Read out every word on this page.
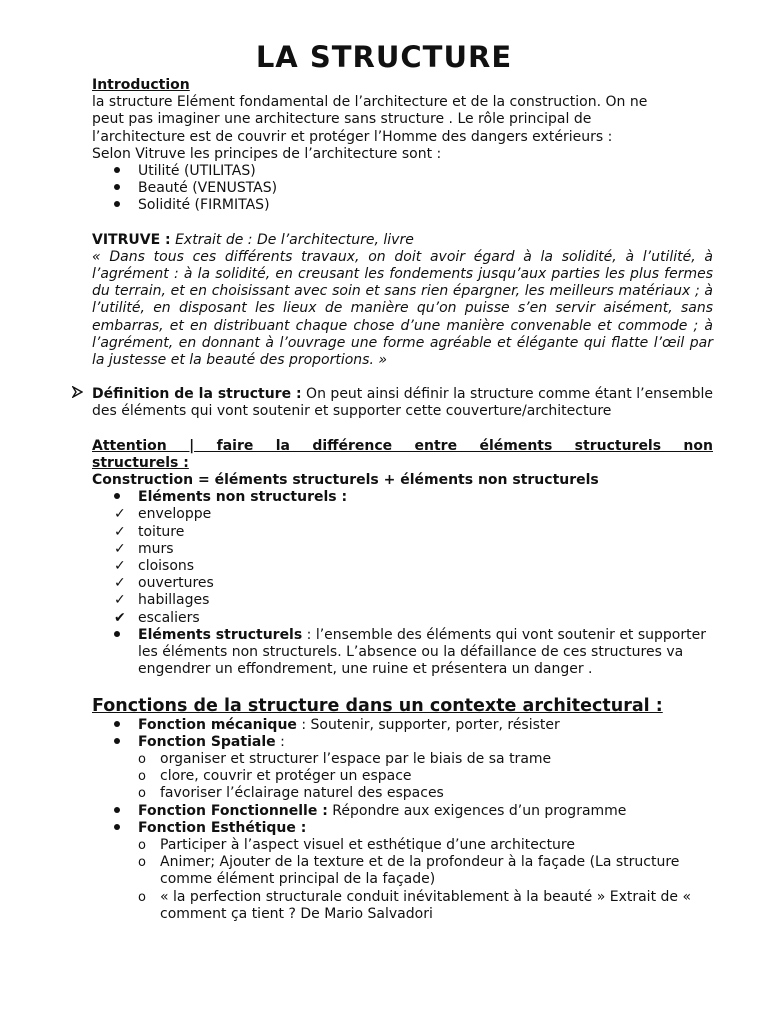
LA STRUCTURE

Introduction

la structure Elément fondamental de l’architecture et de la construction. On ne

peut pas imaginer une architecture sans structure . Le rôle principal de

l’architecture est de couvrir et protéger l’Homme des dangers extérieurs :

Selon Vitruve les principes de l’architecture sont :

Utilité (UTILITAS)
Beauté (VENUSTAS)
Solidité (FIRMITAS)

VITRUVE : Extrait de : De l’architecture, livre

« Dans tous ces différents travaux, on doit avoir égard à la solidité, à l’utilité, à l’agrément : à la solidité, en creusant les fondements jusqu’aux parties les plus fermes du terrain, et en choisissant avec soin et sans rien épargner, les meilleurs matériaux ; à l’utilité, en disposant les lieux de manière qu’on puisse s’en servir aisément, sans embarras, et en distribuant chaque chose d’une manière convenable et commode ; à l’agrément, en donnant à l’ouvrage une forme agréable et élégante qui flatte l’œil par la justesse et la beauté des proportions. »

Définition de la structure : On peut ainsi définir la structure comme étant l’ensemble des éléments qui vont soutenir et supporter cette couverture/architecture

Attention | faire la différence entre éléments structurels non

structurels :

Construction = éléments structurels + éléments non structurels

Eléments non structurels :
✓ enveloppe
✓ toiture
✓ murs
✓ cloisons
✓ ouvertures
✓ habillages
✔ escaliers
Eléments structurels : l’ensemble des éléments qui vont soutenir et supporter les éléments non structurels. L’absence ou la défaillance de ces structures va engendrer un effondrement, une ruine et présentera un danger .

Fonctions de la structure dans un contexte architectural :

Fonction mécanique : Soutenir, supporter, porter, résister
Fonction Spatiale :
o organiser et structurer l’espace par le biais de sa trame
o clore, couvrir et protéger un espace
o favoriser l’éclairage naturel des espaces
Fonction Fonctionnelle : Répondre aux exigences d’un programme
Fonction Esthétique :
o Participer à l’aspect visuel et esthétique d’une architecture
o Animer; Ajouter de la texture et de la profondeur à la façade (La structure comme élément principal de la façade)
o « la perfection structurale conduit inévitablement à la beauté » Extrait de « comment ça tient ? De Mario Salvadori
